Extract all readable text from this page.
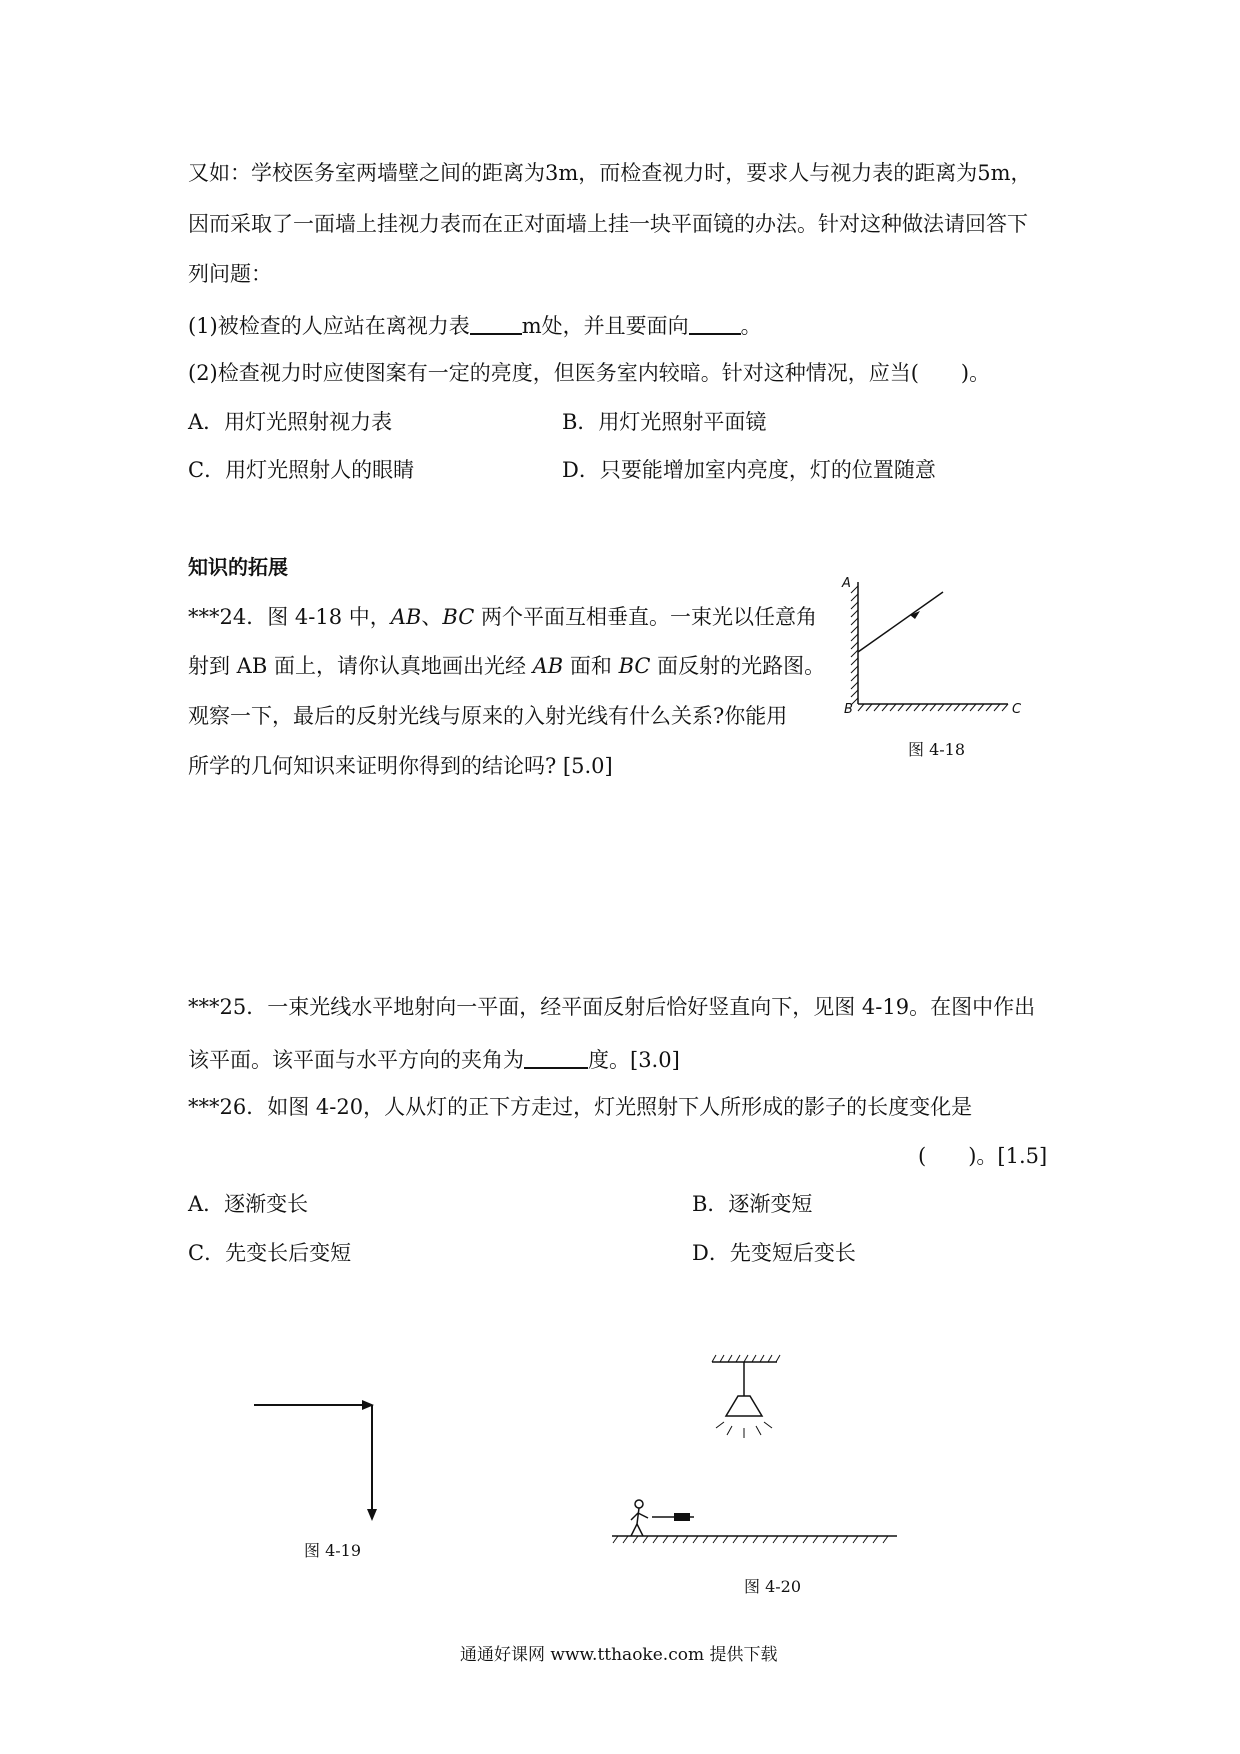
又如：学校医务室两墙壁之间的距离为3m，而检查视力时，要求人与视力表的距离为5m，
因而采取了一面墙上挂视力表而在正对面墙上挂一块平面镜的办法。针对这种做法请回答下
列问题：
(1)被检查的人应站在离视力表 m处，并且要面向 。
(2)检查视力时应使图案有一定的亮度，但医务室内较暗。针对这种情况，应当(　　)。
A．用灯光照射视力表	B．用灯光照射平面镜
C．用灯光照射人的眼睛	D．只要能增加室内亮度，灯的位置随意
知识的拓展
***24．图 4-18 中，AB、BC 两个平面互相垂直。一束光以任意角
射到 AB 面上，请你认真地画出光经 AB 面和 BC 面反射的光路图。
观察一下，最后的反射光线与原来的入射光线有什么关系?你能用
所学的几何知识来证明你得到的结论吗? [5.0]
A
B	C
图 4-18
***25．一束光线水平地射向一平面，经平面反射后恰好竖直向下，见图 4-19。在图中作出
该平面。该平面与水平方向的夹角为	度。[3.0]
***26．如图 4-20，人从灯的正下方走过，灯光照射下人所形成的影子的长度变化是
(　　)。[1.5]
A．逐渐变长	B．逐渐变短
C．先变长后变短	D．先变短后变长
图 4-19
图 4-20
通通好课网 www.tthaoke.com 提供下载
